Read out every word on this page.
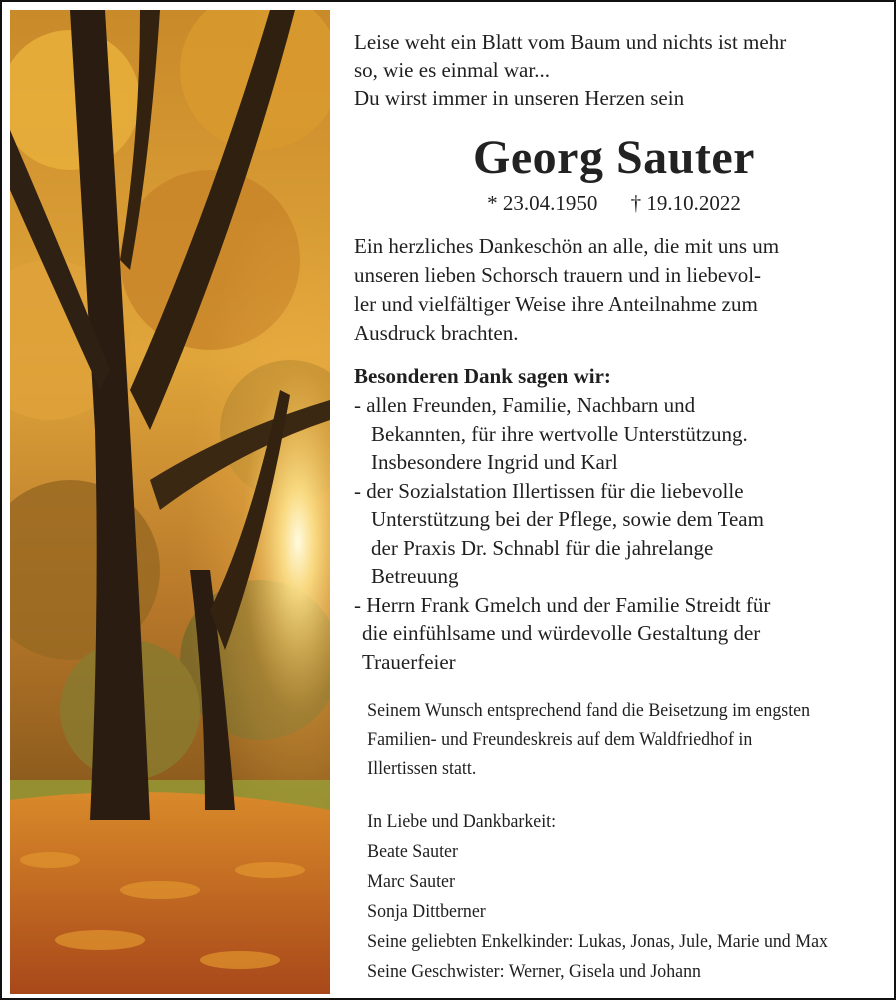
Leise weht ein Blatt vom Baum und nichts ist mehr

so, wie es einmal war...

Du wirst immer in unseren Herzen sein

Georg Sauter

* 23.04.1950 † 19.10.2022

Ein herzliches Dankeschön an alle, die mit uns um
unseren lieben Schorsch trauern und in liebevol-
ler und vielfältiger Weise ihre Anteilnahme zum
Ausdruck brachten.

Besonderen Dank sagen wir:

- allen Freunden, Familie, Nachbarn und

Bekannten, für ihre wertvolle Unterstützung.

Insbesondere Ingrid und Karl

- der Sozialstation Illertissen für die liebevolle

Unterstützung bei der Pflege, sowie dem Team

der Praxis Dr. Schnabl für die jahrelange

Betreuung

- Herrn Frank Gmelch und der Familie Streidt für

die einfühlsame und würdevolle Gestaltung der

Trauerfeier

Seinem Wunsch entsprechend fand die Beisetzung im engsten

Familien- und Freundeskreis auf dem Waldfriedhof in

Illertissen statt.

In Liebe und Dankbarkeit:

Beate Sauter

Marc Sauter

Sonja Dittberner

Seine geliebten Enkelkinder: Lukas, Jonas, Jule, Marie und Max

Seine Geschwister: Werner, Gisela und Johann
